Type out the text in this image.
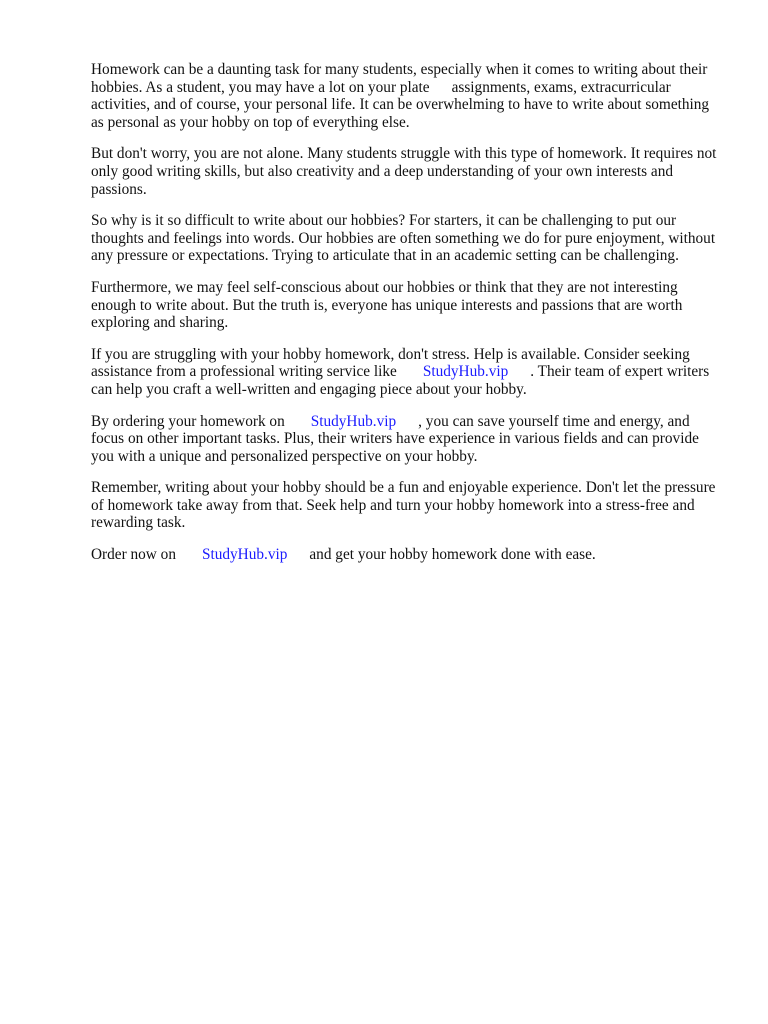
Homework can be a daunting task for many students, especially when it comes to writing about their hobbies. As a student, you may have a lot on your plate assignments, exams, extracurricular activities, and of course, your personal life. It can be overwhelming to have to write about something as personal as your hobby on top of everything else.

But don't worry, you are not alone. Many students struggle with this type of homework. It requires not only good writing skills, but also creativity and a deep understanding of your own interests and passions.

So why is it so difficult to write about our hobbies? For starters, it can be challenging to put our thoughts and feelings into words. Our hobbies are often something we do for pure enjoyment, without any pressure or expectations. Trying to articulate that in an academic setting can be challenging.

Furthermore, we may feel self-conscious about our hobbies or think that they are not interesting enough to write about. But the truth is, everyone has unique interests and passions that are worth exploring and sharing.

If you are struggling with your hobby homework, don't stress. Help is available. Consider seeking assistance from a professional writing service like StudyHub.vip . Their team of expert writers can help you craft a well-written and engaging piece about your hobby.

By ordering your homework on StudyHub.vip , you can save yourself time and energy, and focus on other important tasks. Plus, their writers have experience in various fields and can provide you with a unique and personalized perspective on your hobby.

Remember, writing about your hobby should be a fun and enjoyable experience. Don't let the pressure of homework take away from that. Seek help and turn your hobby homework into a stress-free and rewarding task.

Order now on StudyHub.vip and get your hobby homework done with ease.
